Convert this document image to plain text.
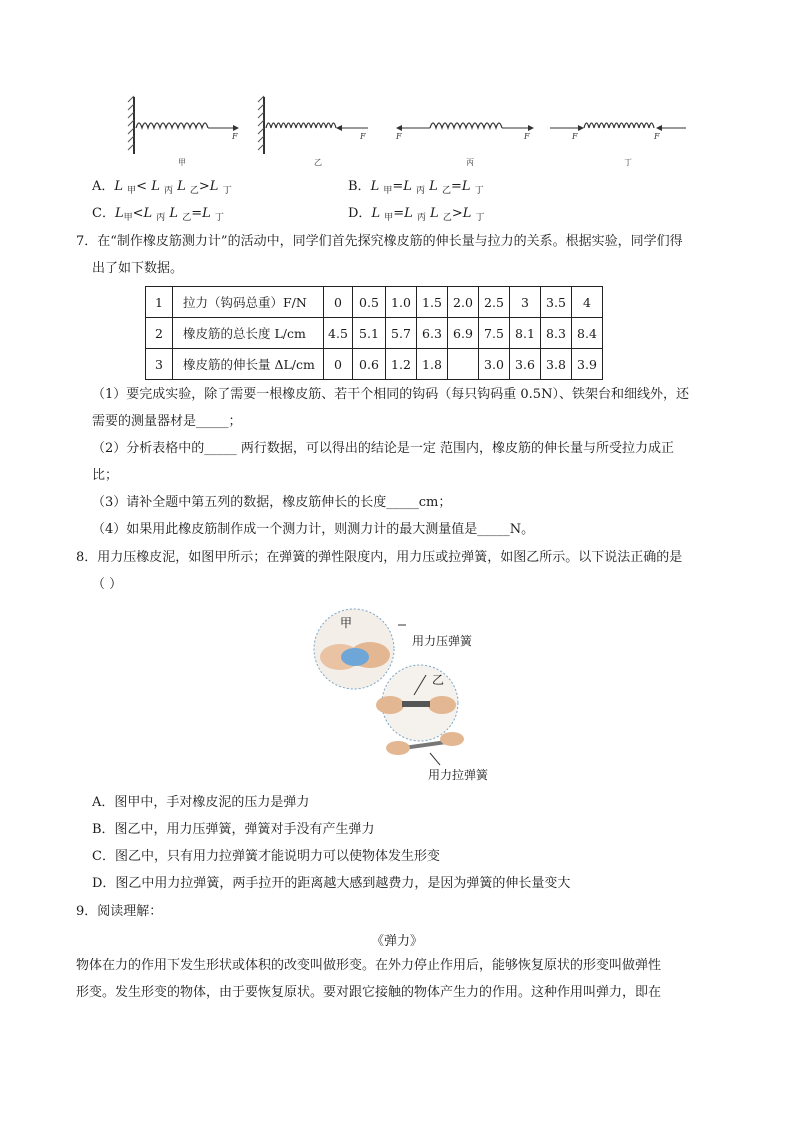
F	F	F	F	F	F
甲	乙	丙	丁
A．L $_甲$< L $_丙$ L $_乙$>L $_丁$	B．L $_甲$=L $_丙$ L $_乙$=L $_丁$
C．$L_甲<L$ $_丙$ L $_乙$=L $_丁$	D．L $_甲$=L $_丙$ L $_乙$>L $_丁$
7．在“制作橡皮筋测力计”的活动中，同学们首先探究橡皮筋的伸长量与拉力的关系。根据实验，同学们得
出了如下数据。
1	拉力（钩码总重）F/N	0	0.5	1.0	1.5	2.0	2.5	3	3.5	4
2	橡皮筋的总长度 L/cm	4.5	5.1	5.7	6.3	6.9	7.5	8.1	8.3	8.4
3	橡皮筋的伸长量 ΔL/cm	0	0.6	1.2	1.8		3.0	3.6	3.8	3.9
（1）要完成实验，除了需要一根橡皮筋、若干个相同的钩码（每只钩码重 0.5N）、铁架台和细线外，还
需要的测量器材是_____；
（2）分析表格中的_____ 两行数据，可以得出的结论是一定 范围内，橡皮筋的伸长量与所受拉力成正
比；
（3）请补全题中第五列的数据，橡皮筋伸长的长度_____cm；
（4）如果用此橡皮筋制作成一个测力计，则测力计的最大测量值是_____N。
8．用力压橡皮泥，如图甲所示；在弹簧的弹性限度内，用力压或拉弹簧，如图乙所示。以下说法正确的是
（ ）
甲
用力压弹簧
乙
用力拉弹簧
A．图甲中，手对橡皮泥的压力是弹力
B．图乙中，用力压弹簧，弹簧对手没有产生弹力
C．图乙中，只有用力拉弹簧才能说明力可以使物体发生形变
D．图乙中用力拉弹簧，两手拉开的距离越大感到越费力，是因为弹簧的伸长量变大
9．阅读理解：
《弹力》
物体在力的作用下发生形状或体积的改变叫做形变。在外力停止作用后，能够恢复原状的形变叫做弹性
形变。发生形变的物体，由于要恢复原状。要对跟它接触的物体产生力的作用。这种作用叫弹力，即在
